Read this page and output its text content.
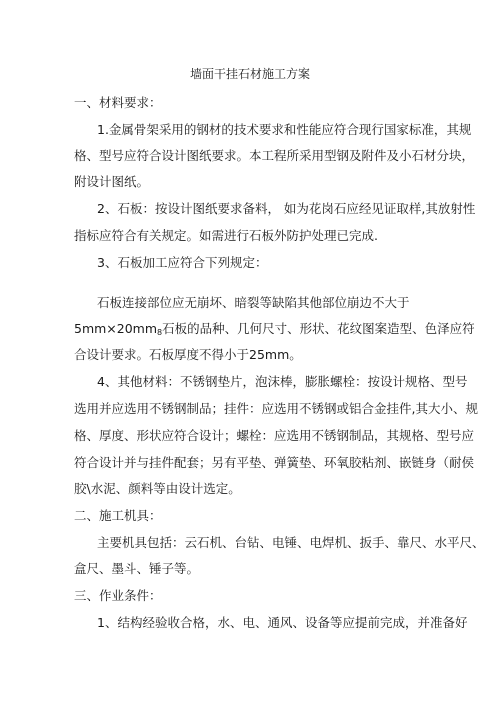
墙面干挂石材施工方案
一、材料要求：
1.金属骨架采用的钢材的技术要求和性能应符合现行国家标准，其规
格、型号应符合设计图纸要求。本工程所采用型钢及附件及小石材分块，
附设计图纸。
2、石板：按设计图纸要求备料， 如为花岗石应经见证取样,其放射性
指标应符合有关规定。如需进行石板外防护处理已完成.
3、石板加工应符合下列规定：
石板连接部位应无崩坏、暗裂等缺陷其他部位崩边不大于
5mm×20mm8石板的品种、几何尺寸、形状、花纹图案造型、色泽应符
合设计要求。石板厚度不得小于25mm。
4、其他材料：不锈钢垫片，泡沫棒，膨胀螺栓：按设计规格、型号
选用并应选用不锈钢制品；挂件：应选用不锈钢或铝合金挂件,其大小、规
格、厚度、形状应符合设计；螺栓：应选用不锈钢制品，其规格、型号应
符合设计并与挂件配套；另有平垫、弹簧垫、环氧胶粘剂、嵌链身（耐侯
胶\水泥、颜料等由设计选定。
二、施工机具：
主要机具包括：云石机、台钻、电锤、电焊机、扳手、靠尺、水平尺、
盒尺、墨斗、锤子等。
三、作业条件：
1、结构经验收合格，水、电、通风、设备等应提前完成，并准备好
